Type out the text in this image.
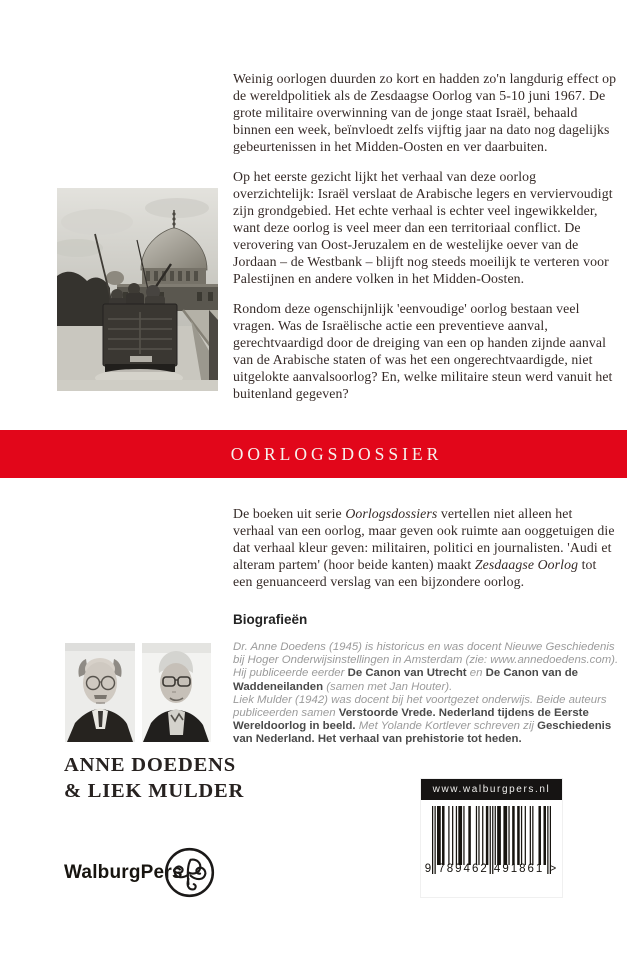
Weinig oorlogen duurden zo kort en hadden zo'n langdurig effect op de wereldpolitiek als de Zesdaagse Oorlog van 5-10 juni 1967. De grote militaire overwinning van de jonge staat Israël, behaald binnen een week, beïnvloedt zelfs vijftig jaar na dato nog dagelijks gebeurtenissen in het Midden-Oosten en ver daarbuiten.

Op het eerste gezicht lijkt het verhaal van deze oorlog overzichtelijk: Israël verslaat de Arabische legers en verviervoudigt zijn grondgebied. Het echte verhaal is echter veel ingewikkelder, want deze oorlog is veel meer dan een territoriaal conflict. De verovering van Oost-Jeruzalem en de westelijke oever van de Jordaan – de Westbank – blijft nog steeds moeilijk te verteren voor Palestijnen en andere volken in het Midden-Oosten.

Rondom deze ogenschijnlijk 'eenvoudige' oorlog bestaan veel vragen. Was de Israëlische actie een preventieve aanval, gerechtvaardigd door de dreiging van een op handen zijnde aanval van de Arabische staten of was het een ongerechtvaardigde, niet uitgelokte aanvalsoorlog? En, welke militaire steun werd vanuit het buitenland gegeven?

OORLOGSDOSSIER

De boeken uit serie Oorlogsdossiers vertellen niet alleen het verhaal van een oorlog, maar geven ook ruimte aan ooggetuigen die dat verhaal kleur geven: militairen, politici en journalisten. 'Audi et alteram partem' (hoor beide kanten) maakt Zesdaagse Oorlog tot een genuanceerd verslag van een bijzondere oorlog.

Biografieën

Dr. Anne Doedens (1945) is historicus en was docent Nieuwe Geschiedenis bij Hoger Onderwijsinstellingen in Amsterdam (zie: www.annedoedens.com). Hij publiceerde eerder De Canon van Utrecht en De Canon van de Waddeneilanden (samen met Jan Houter).

Liek Mulder (1942) was docent bij het voortgezet onderwijs. Beide auteurs publiceerden samen Verstoorde Vrede. Nederland tijdens de Eerste Wereldoorlog in beeld. Met Yolande Kortlever schreven zij Geschiedenis van Nederland. Het verhaal van prehistorie tot heden.

ANNE DOEDENS
& LIEK MULDER
WalburgPers
www.walburgpers.nl
9 789462 491861 >
